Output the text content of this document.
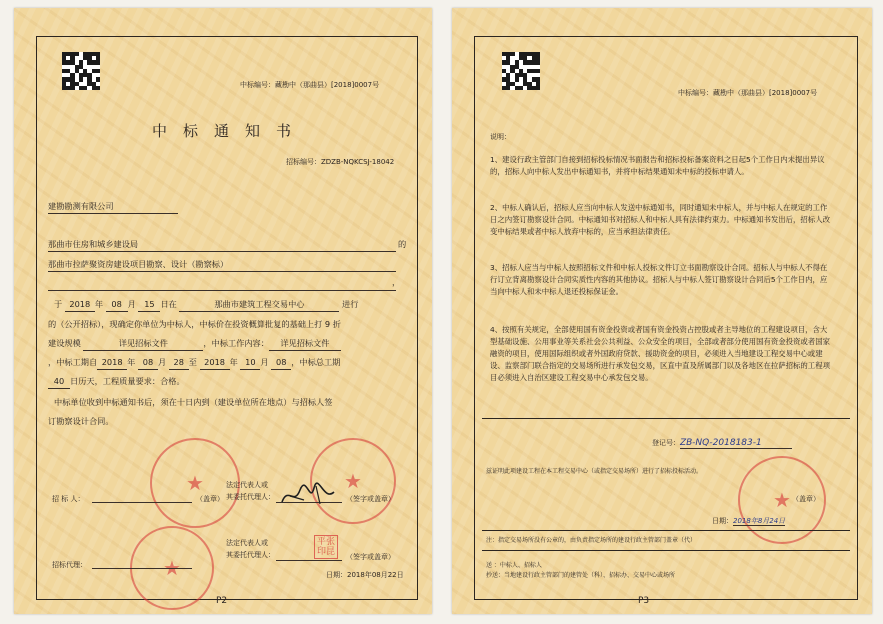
中标编号：藏勘中（那曲县）[2018]0007号
中标通知书
招标编号：ZDZB-NQKCSJ-18042
建勘勘测有限公司
那曲市住房和城乡建设局	的
那曲市拉萨聚资房建设项目勘察、设计（勘察标）
，
于 2018 年 08 月 15 日在	那曲市建筑工程交易中心	进行
的（公开招标），现确定你单位为中标人，中标价在投资概算批复的基础上打 9 折
建设规模	详见招标文件	，中标工作内容： 详见招标文件
，中标工期自 2018 年 08 月 28 至 2018 年 10 月 08 ，中标总工期
40 日历天，工程质量要求：合格。
中标单位收到中标通知书后，须在十日内到（建设单位所在地点）与招标人签
订勘察设计合同。
★	★
★
招 标 人：	（盖章）
法定代表人或
其委托代理人：	（签字或盖章）
法定代表人或
其委托代理人：
平张
印昆 （签字或盖章）
招标代理：
日期：2018年08月22日
P2
中标编号：藏勘中（那曲县）[2018]0007号
说明：
1、建设行政主管部门自接到招标投标情况书面报告和招标投标备案资料之日起5个工作日内未提出异议的，招标人向中标人发出中标通知书，并将中标结果通知未中标的投标申请人。
2、中标人确认后，招标人应当向中标人发送中标通知书，同时通知未中标人，并与中标人在规定的工作日之内签订勘察设计合同。中标通知书对招标人和中标人具有法律约束力。中标通知书发出后，招标人改变中标结果或者中标人放弃中标的，应当承担法律责任。
3、招标人应当与中标人按照招标文件和中标人投标文件订立书面勘察设计合同。招标人与中标人不得在行订立背离勘察设计合同实质性内容的其他协议。招标人与中标人签订勘察设计合同后5个工作日内，应当向中标人和未中标人退还投标保证金。
4、按照有关规定，全部使用国有资金投资或者国有资金投资占控股或者主导地位的工程建设项目，含大型基础设施、公用事业等关系社会公共利益、公众安全的项目，全部或者部分使用国有资金投资或者国家融资的项目，使用国际组织或者外国政府贷款、援助资金的项目，必须进入当地建设工程交易中心或建设、监察部门联合指定的交易场所进行承发包交易，区直中直及所属部门以及各地区在拉萨招标的工程项目必须进入自治区建设工程交易中心承发包交易。
登记号：ZB-NQ-2018183-1
兹证明此项建设工程在本工程交易中心（或指定交易场所）进行了招标投标活动。
★ （盖章）
日期：2018年8月24日
注：指定交易场所没有公章的，由负责指定场所的建设行政主管部门盖章（代）
送 ：中标人、招标人
抄送：当地建设行政主管部门的建管处（科）、招标办、交易中心或场所
P3
